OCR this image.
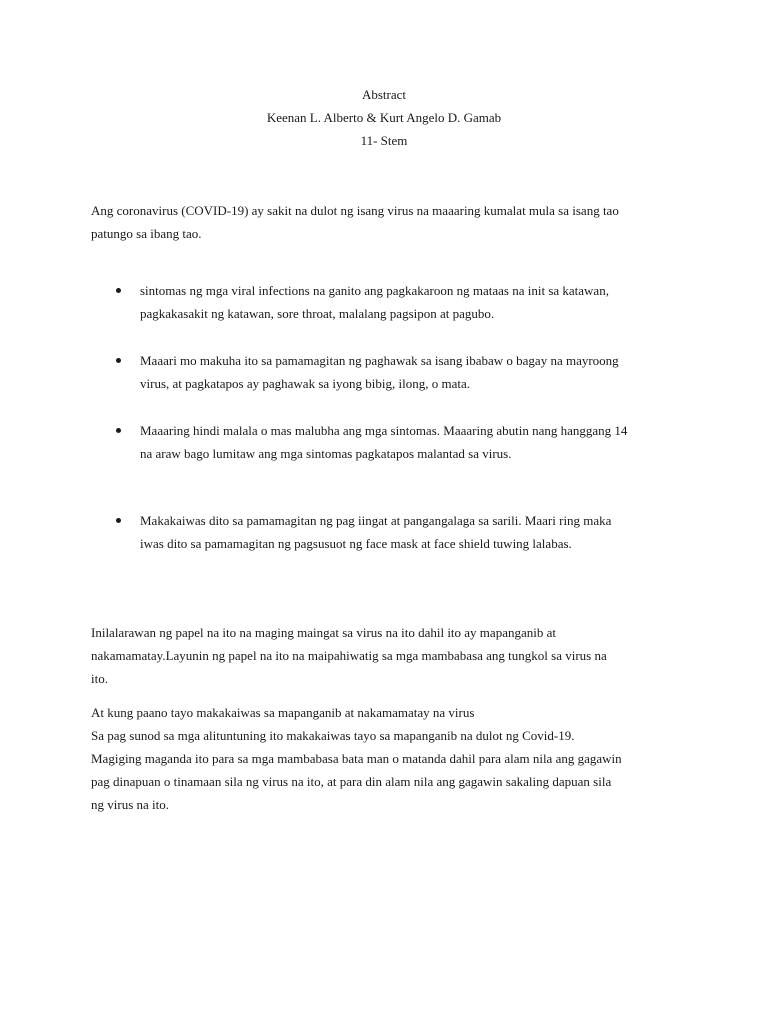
Abstract
Keenan L. Alberto & Kurt Angelo D. Gamab
11- Stem

Ang coronavirus (COVID-19) ay sakit na dulot ng isang virus na maaaring kumalat mula sa isang tao
patungo sa ibang tao.

sintomas ng mga viral infections na ganito ang pagkakaroon ng mataas na init sa katawan,
pagkakasakit ng katawan, sore throat, malalang pagsipon at pagubo.

Maaari mo makuha ito sa pamamagitan ng paghawak sa isang ibabaw o bagay na mayroong
virus, at pagkatapos ay paghawak sa iyong bibig, ilong, o mata.

Maaaring hindi malala o mas malubha ang mga sintomas. Maaaring abutin nang hanggang 14
na araw bago lumitaw ang mga sintomas pagkatapos malantad sa virus.

Makakaiwas dito sa pamamagitan ng pag iingat at pangangalaga sa sarili. Maari ring maka
iwas dito sa pamamagitan ng pagsusuot ng face mask at face shield tuwing lalabas.

Inilalarawan ng papel na ito na maging maingat sa virus na ito dahil ito ay mapanganib at
nakamamatay.Layunin ng papel na ito na maipahiwatig sa mga mambabasa ang tungkol sa virus na
ito.

At kung paano tayo makakaiwas sa mapanganib at nakamamatay na virus
Sa pag sunod sa mga alituntuning ito makakaiwas tayo sa mapanganib na dulot ng Covid-19.
Magiging maganda ito para sa mga mambabasa bata man o matanda dahil para alam nila ang gagawin
pag dinapuan o tinamaan sila ng virus na ito, at para din alam nila ang gagawin sakaling dapuan sila
ng virus na ito.
